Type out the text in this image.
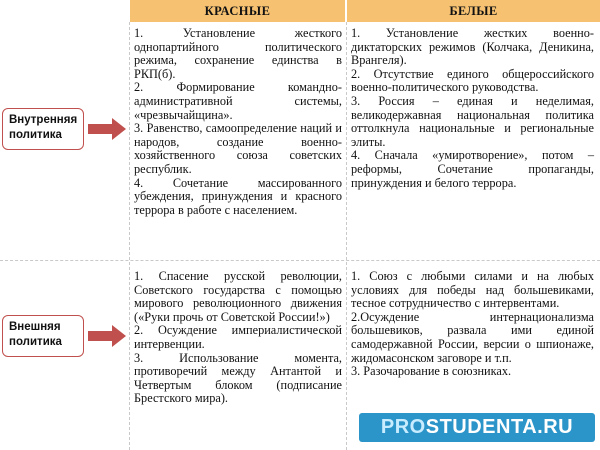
КРАСНЫЕ	БЕЛЫЕ
Внутренняя политика
Внешняя политика

1. Установление жесткого однопартийного политического режима, сохранение единства в РКП(б).

2. Формирование командно-административной системы, «чрезвычайщина».

3. Равенство, самоопределение наций и народов, создание военно-хозяйственного союза советских республик.

4. Сочетание массированного убеждения, принуждения и красного террора в работе с населением.

1. Установление жестких военно-диктаторских режимов (Колчака, Деникина, Врангеля).

2. Отсутствие единого общероссийского военно-политического руководства.

3. Россия – единая и неделимая, великодержавная национальная политика оттолкнула национальные и региональные элиты.

4. Сначала «умиротворение», потом – реформы, Сочетание пропаганды, принуждения и белого террора.

1. Спасение русской революции, Советского государства с помощью мирового революционного движения («Руки прочь от Советской России!»)

2. Осуждение империалистической интервенции.

3. Использование момента, противоречий между Антантой и Четвертым блоком (подписание Брестского мира).

1. Союз с любыми силами и на любых условиях для победы над большевиками, тесное сотрудничество с интервентами.

2.Осуждение интернационализма большевиков, развала ими единой самодержавной России, версии о шпионаже, жидомасонском заговоре и т.п.

3. Разочарование в союзниках.

PROSTUDENTA.RU
